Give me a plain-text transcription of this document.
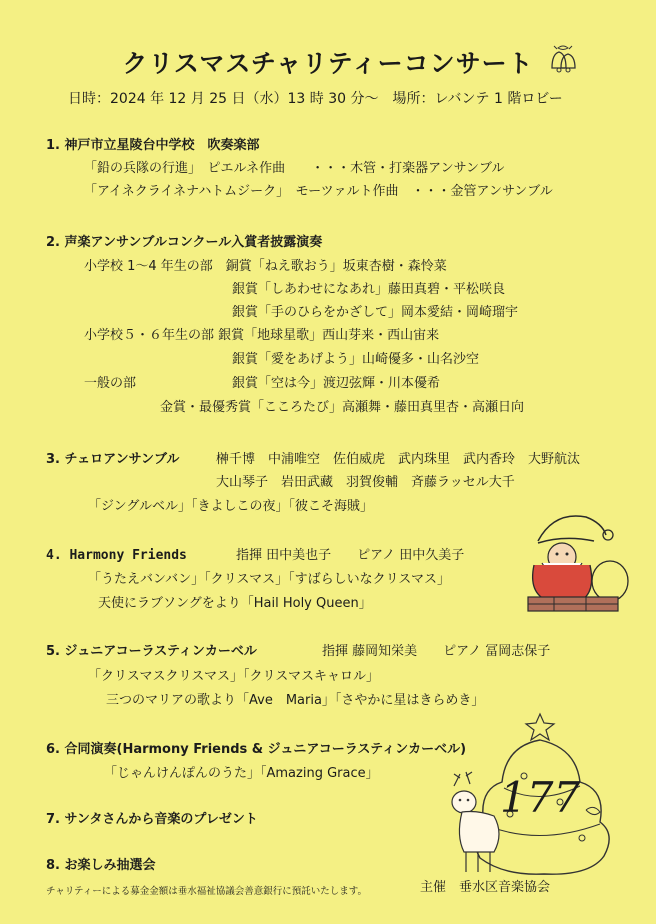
クリスマスチャリティーコンサート
日時：2024 年 12 月 25 日（水）13 時 30 分～　場所：レバンテ 1 階ロビー
1. 神戸市立星陵台中学校　吹奏楽部
「鉛の兵隊の行進」　ピエルネ作曲　　・・・木管・打楽器アンサンブル
「アイネクライネナハトムジーク」　モーツァルト作曲　・・・金管アンサンブル
2. 声楽アンサンブルコンクール入賞者披露演奏
小学校 1～4 年生の部　銅賞「ねえ歌おう」坂東杏樹・森怜菜
銀賞「しあわせになあれ」藤田真碧・平松咲良
銀賞「手のひらをかざして」岡本愛結・岡崎瑠宇
小学校５・６年生の部 銀賞「地球星歌」西山芽来・西山宙来
銀賞「愛をあげよう」山崎優多・山名沙空
一般の部	銀賞「空は今」渡辺弦輝・川本優希
金賞・最優秀賞「こころたび」高瀬舞・藤田真里杏・高瀬日向
3. チェロアンサンブル	榊千博　中浦唯空　佐伯威虎　武内珠里　武内香玲　大野航汰
大山琴子　岩田武藏　羽賀俊輔　斉藤ラッセル大千
「ジングルベル」「きよしこの夜」「彼こそ海賊」
4. Harmony Friends	指揮 田中美也子　　ピアノ 田中久美子
「うたえバンバン」「クリスマス」「すばらしいなクリスマス」
天使にラブソングをより「Hail Holy Queen」
5. ジュニアコーラスティンカーベル	指揮 藤岡知栄美　　ピアノ 冨岡志保子
「クリスマスクリスマス」「クリスマスキャロル」
三つのマリアの歌より「Ave　Maria」「さやかに星はきらめき」
6. 合同演奏(Harmony Friends & ジュニアコーラスティンカーベル)
「じゃんけんぽんのうた」「Amazing Grace」	177
7. サンタさんから音楽のプレゼント
8. お楽しみ抽選会
チャリティーによる募金金額は垂水福祉協議会善意銀行に預託いたします。	主催　垂水区音楽協会
